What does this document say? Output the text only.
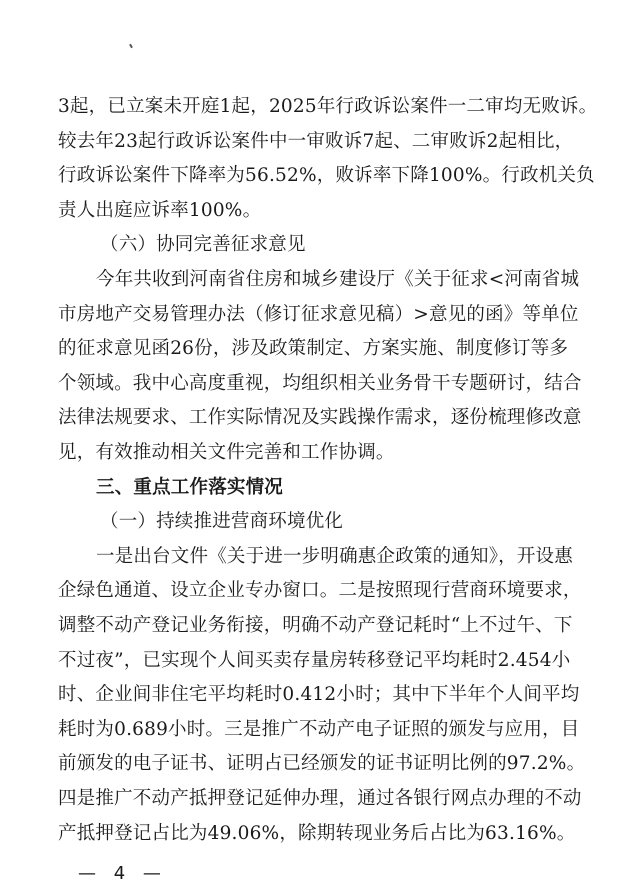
3起，已立案未开庭1起，2025年行政诉讼案件一二审均无败诉。
较去年23起行政诉讼案件中一审败诉7起、二审败诉2起相比，
行政诉讼案件下降率为56.52%，败诉率下降100%。行政机关负
责人出庭应诉率100%。
（六）协同完善征求意见
今年共收到河南省住房和城乡建设厅《关于征求<河南省城
市房地产交易管理办法（修订征求意见稿）>意见的函》等单位
的征求意见函26份，涉及政策制定、方案实施、制度修订等多
个领域。我中心高度重视，均组织相关业务骨干专题研讨，结合
法律法规要求、工作实际情况及实践操作需求，逐份梳理修改意
见，有效推动相关文件完善和工作协调。
三、重点工作落实情况
（一）持续推进营商环境优化
一是出台文件《关于进一步明确惠企政策的通知》，开设惠
企绿色通道、设立企业专办窗口。二是按照现行营商环境要求，
调整不动产登记业务衔接，明确不动产登记耗时“上不过午、下
不过夜”，已实现个人间买卖存量房转移登记平均耗时2.454小
时、企业间非住宅平均耗时0.412小时；其中下半年个人间平均
耗时为0.689小时。三是推广不动产电子证照的颁发与应用，目
前颁发的电子证书、证明占已经颁发的证书证明比例的97.2%。
四是推广不动产抵押登记延伸办理，通过各银行网点办理的不动
— 4 —
产抵押登记占比为49.06%，除期转现业务后占比为63.16%。
